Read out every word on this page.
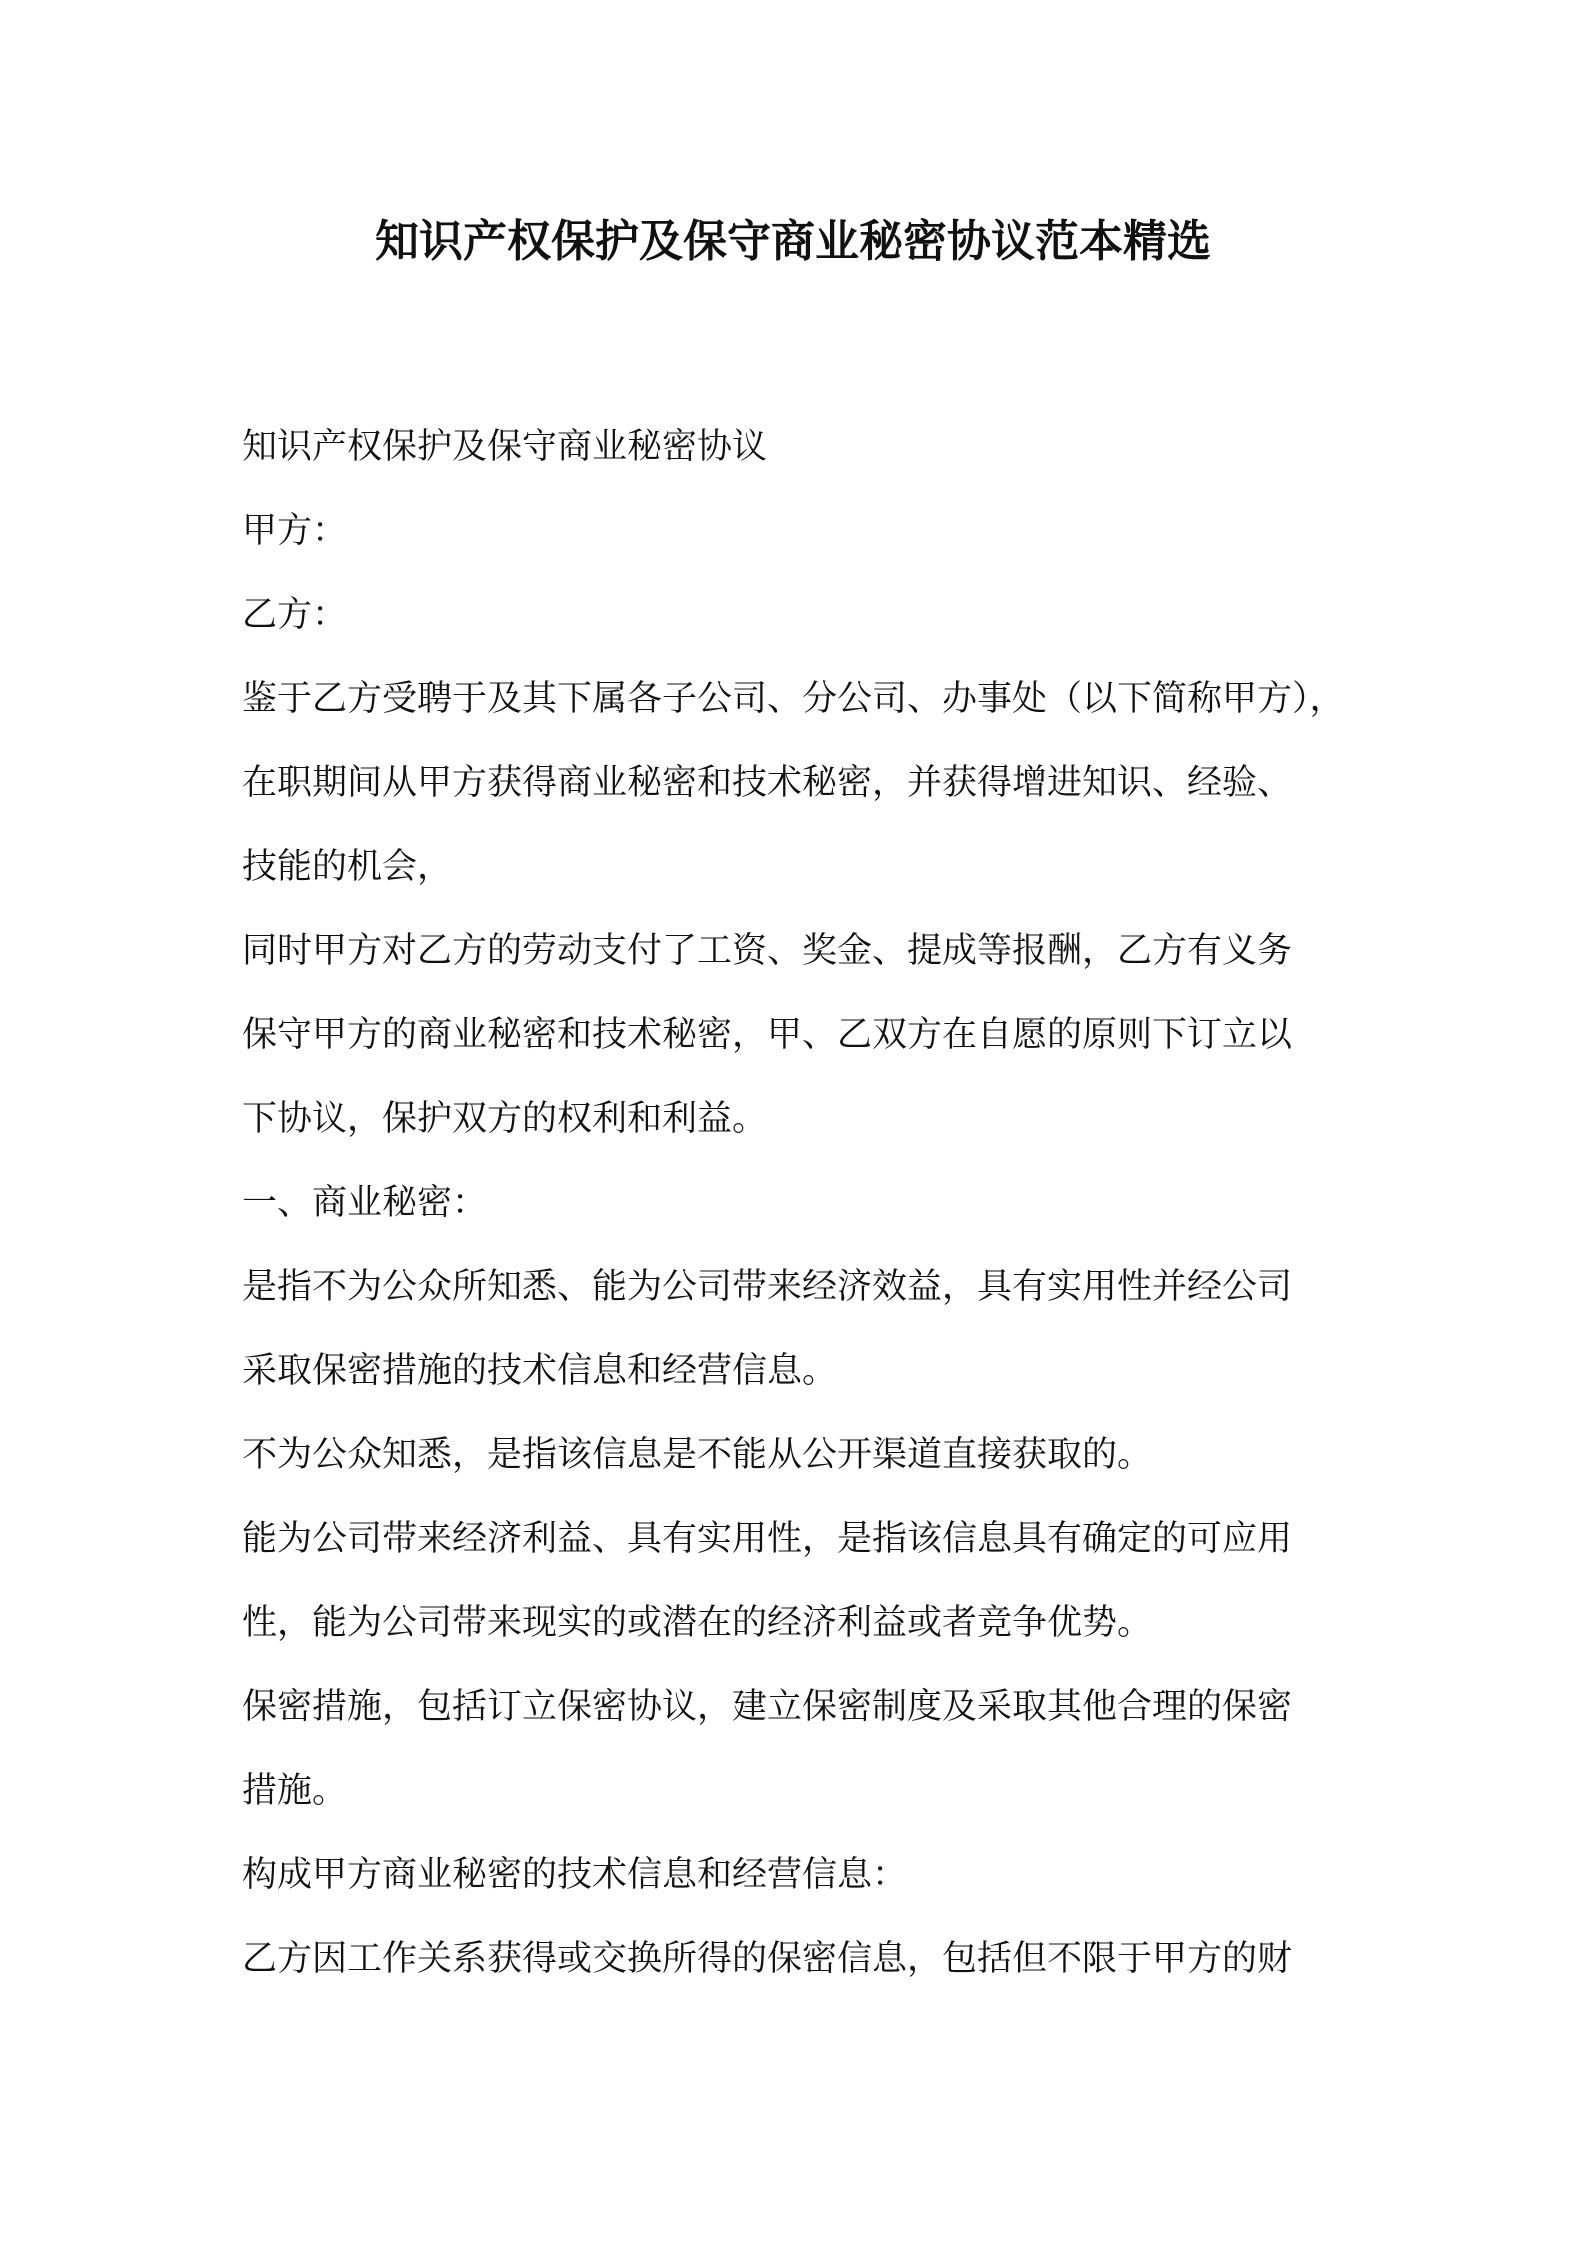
知识产权保护及保守商业秘密协议范本精选

知识产权保护及保守商业秘密协议

甲方：

乙方：

鉴于乙方受聘于及其下属各子公司、分公司、办事处（以下简称甲方），

在职期间从甲方获得商业秘密和技术秘密，并获得增进知识、经验、

技能的机会，

同时甲方对乙方的劳动支付了工资、奖金、提成等报酬，乙方有义务

保守甲方的商业秘密和技术秘密，甲、乙双方在自愿的原则下订立以

下协议，保护双方的权利和利益。

一、商业秘密：

是指不为公众所知悉、能为公司带来经济效益，具有实用性并经公司

采取保密措施的技术信息和经营信息。

不为公众知悉，是指该信息是不能从公开渠道直接获取的。

能为公司带来经济利益、具有实用性，是指该信息具有确定的可应用

性，能为公司带来现实的或潜在的经济利益或者竞争优势。

保密措施，包括订立保密协议，建立保密制度及采取其他合理的保密

措施。

构成甲方商业秘密的技术信息和经营信息：

乙方因工作关系获得或交换所得的保密信息，包括但不限于甲方的财
